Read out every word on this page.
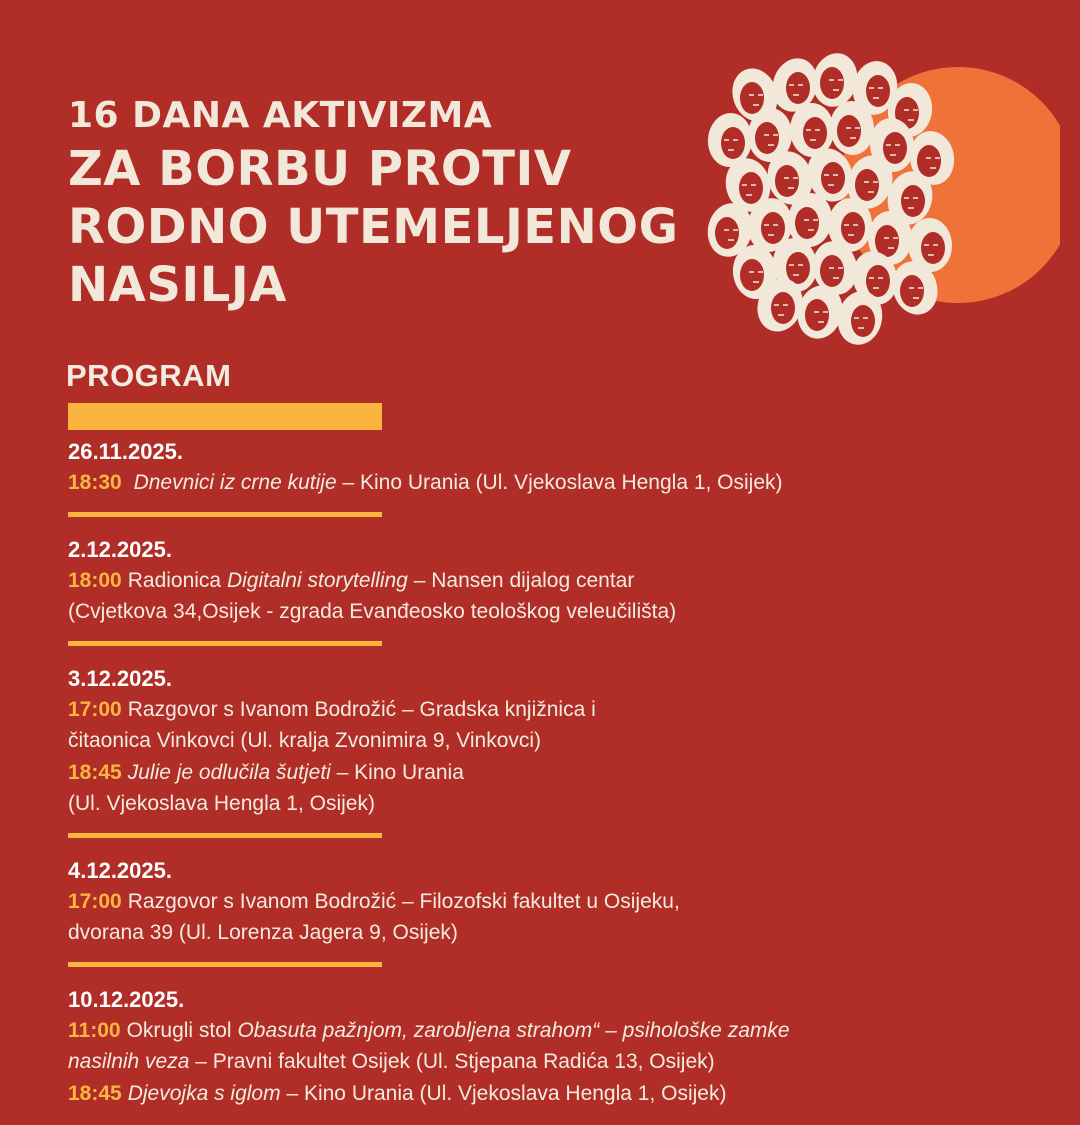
16 DANA AKTIVIZMA

ZA BORBU PROTIV
RODNO UTEMELJENOG
NASILJA
PROGRAM
26.11.2025.
18:30 Dnevnici iz crne kutije – Kino Urania (Ul. Vjekoslava Hengla 1, Osijek)
2.12.2025.
18:00 Radionica Digitalni storytelling – Nansen dijalog centar
(Cvjetkova 34,Osijek - zgrada Evanđeosko teološkog veleučilišta)
3.12.2025.
17:00 Razgovor s Ivanom Bodrožić – Gradska knjižnica i
čitaonica Vinkovci (Ul. kralja Zvonimira 9, Vinkovci)
18:45 Julie je odlučila šutjeti – Kino Urania
(Ul. Vjekoslava Hengla 1, Osijek)
4.12.2025.
17:00 Razgovor s Ivanom Bodrožić – Filozofski fakultet u Osijeku,
dvorana 39 (Ul. Lorenza Jagera 9, Osijek)
10.12.2025.
11:00 Okrugli stol Obasuta pažnjom, zarobljena strahom“ – psihološke zamke
nasilnih veza – Pravni fakultet Osijek (Ul. Stjepana Radića 13, Osijek)
18:45 Djevojka s iglom – Kino Urania (Ul. Vjekoslava Hengla 1, Osijek)
